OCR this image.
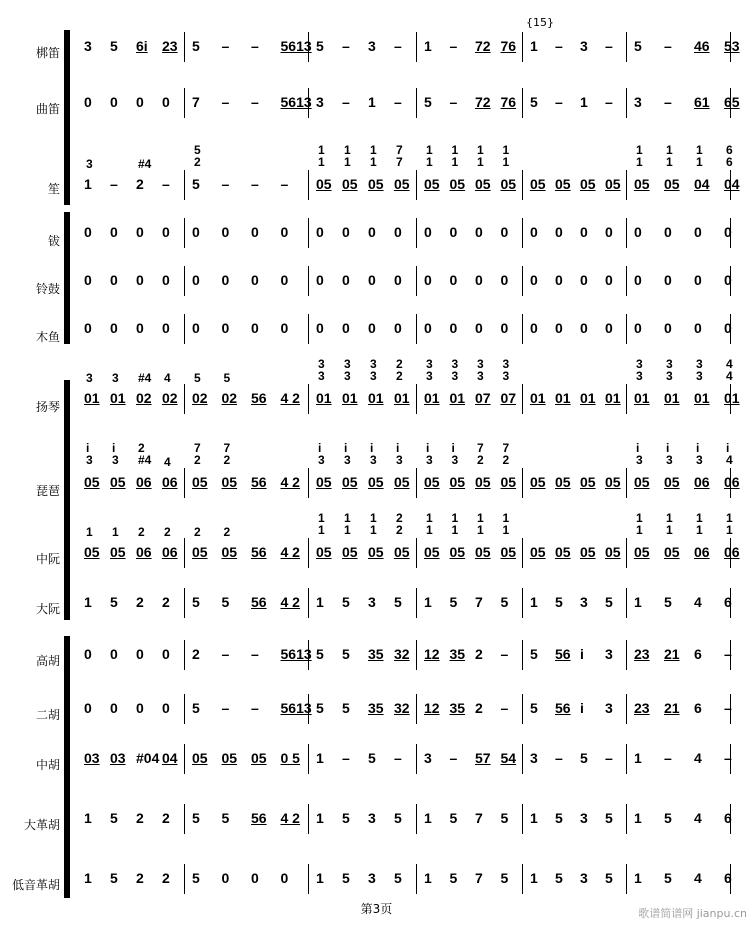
{15}
梆笛 3 5 6i 23 5 – – 5613 5 – 3 – 1 – 72 76 1 – 3 – 5 – 46 53
曲笛 0 0 0 0 7 – – 5613 3 – 1 – 5 – 72 76 5 – 1 – 3 – 61 65
笙 1 – 2 – 5 – – – 05 05 05 05 05 05 05 05 05 05 05 05 05 05 04 04
3	#4
5
2
1
1
1
1
1
1
7
7
1
1
1
1
1
1
1
1
1
1
1
1
1
1
6
6
钹
0 0 0 0 0 0 0 0 0 0 0 0 0 0 0 0 0 0 0 0 0 0 0 0
铃鼓
0 0 0 0 0 0 0 0 0 0 0 0 0 0 0 0 0 0 0 0 0 0 0 0
木鱼
0 0 0 0 0 0 0 0 0 0 0 0 0 0 0 0 0 0 0 0 0 0 0 0
扬琴
01 01 02 02 02 02 56 4 2 01 01 01 01 01 01 07 07 01 01 01 01 01 01 01 01
3 3 #4 4 5 5
3
3
3
3
3
3
2
2
3
3
3
3
3
3
3
3
3
3
3
3
3
3
4
4
琵琶
05 05 06 06 05 05 56 4 2 05 05 05 05 05 05 05 05 05 05 05 05 05 05 06 06
i
3
i
3
2
#4 4
7
2
7
2
i
3
i
3
i
3
i
3
i
3
i
3
7
2
7
2
i
3
i
3
i
3
i
4
中阮 05 05 06 06 05 05 56 4 2 05 05 05 05 05 05 05 05 05 05 05 05 05 05 06 06
1 1 2 2 2 2
1
1
1
1
1
1
2
2
1
1
1
1
1
1
1
1
1
1
1
1
1
1
1
1
大阮 1 5 2 2 5 5 56 4 2 1 5 3 5 1 5 7 5 1 5 3 5 1 5 4 6
高胡 0 0 0 0 2 – – 5613 5 5 35 32 12 35 2 – 5 56 i 3 23 21 6 –
二胡 0 0 0 0 5 – – 5613 5 5 35 32 12 35 2 – 5 56 i 3 23 21 6 –
中胡 03 03 #04 04 05 05 05 0 5 1 – 5 – 3 – 57 54 3 – 5 – 1 – 4 –
大革胡 1 5 2 2 5 5 56 4 2 1 5 3 5 1 5 7 5 1 5 3 5 1 5 4 6
低音革胡 1 5 2 2 5 0 0 0 1 5 3 5 1 5 7 5 1 5 3 5 1 5 4 6
第3页	歌谱简谱网 jianpu.cn
